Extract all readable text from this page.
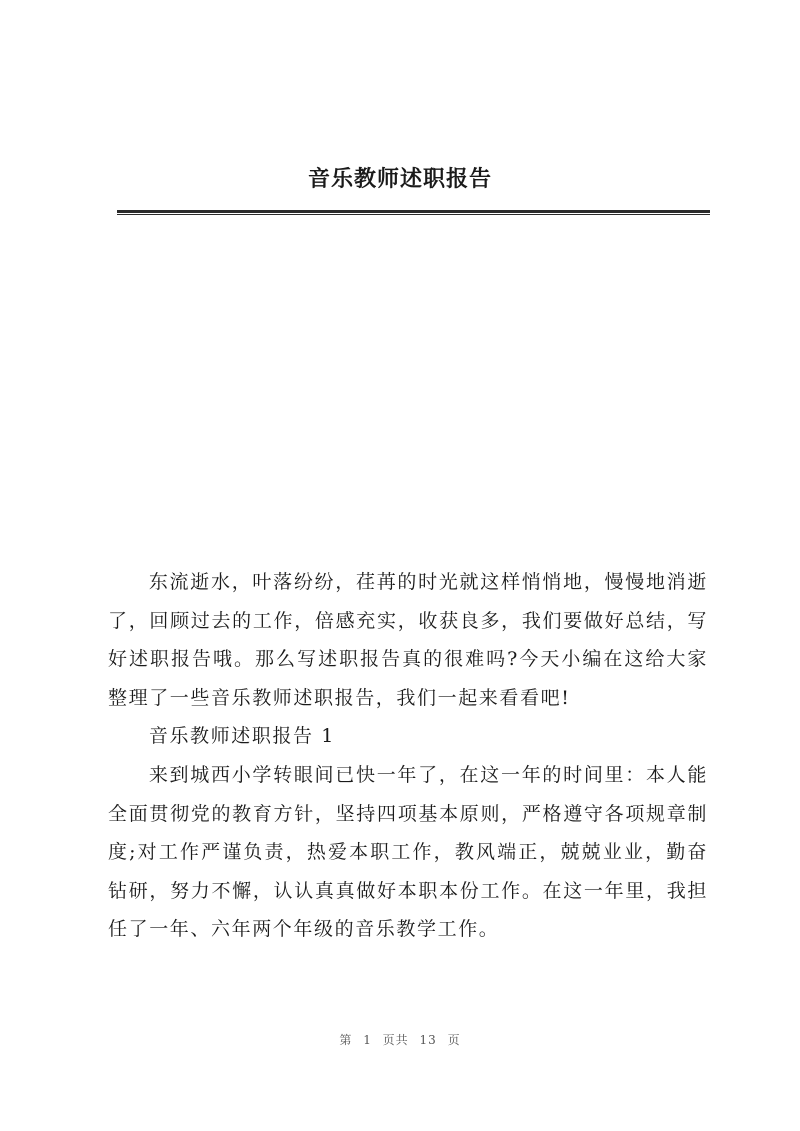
音乐教师述职报告

东流逝水，叶落纷纷，荏苒的时光就这样悄悄地，慢慢地消逝了，回顾过去的工作，倍感充实，收获良多，我们要做好总结，写好述职报告哦。那么写述职报告真的很难吗?今天小编在这给大家整理了一些音乐教师述职报告，我们一起来看看吧!

音乐教师述职报告 1

来到城西小学转眼间已快一年了，在这一年的时间里：本人能全面贯彻党的教育方针，坚持四项基本原则，严格遵守各项规章制度;对工作严谨负责，热爱本职工作，教风端正，兢兢业业，勤奋钻研，努力不懈，认认真真做好本职本份工作。在这一年里，我担任了一年、六年两个年级的音乐教学工作。

第 1 页共 13 页
